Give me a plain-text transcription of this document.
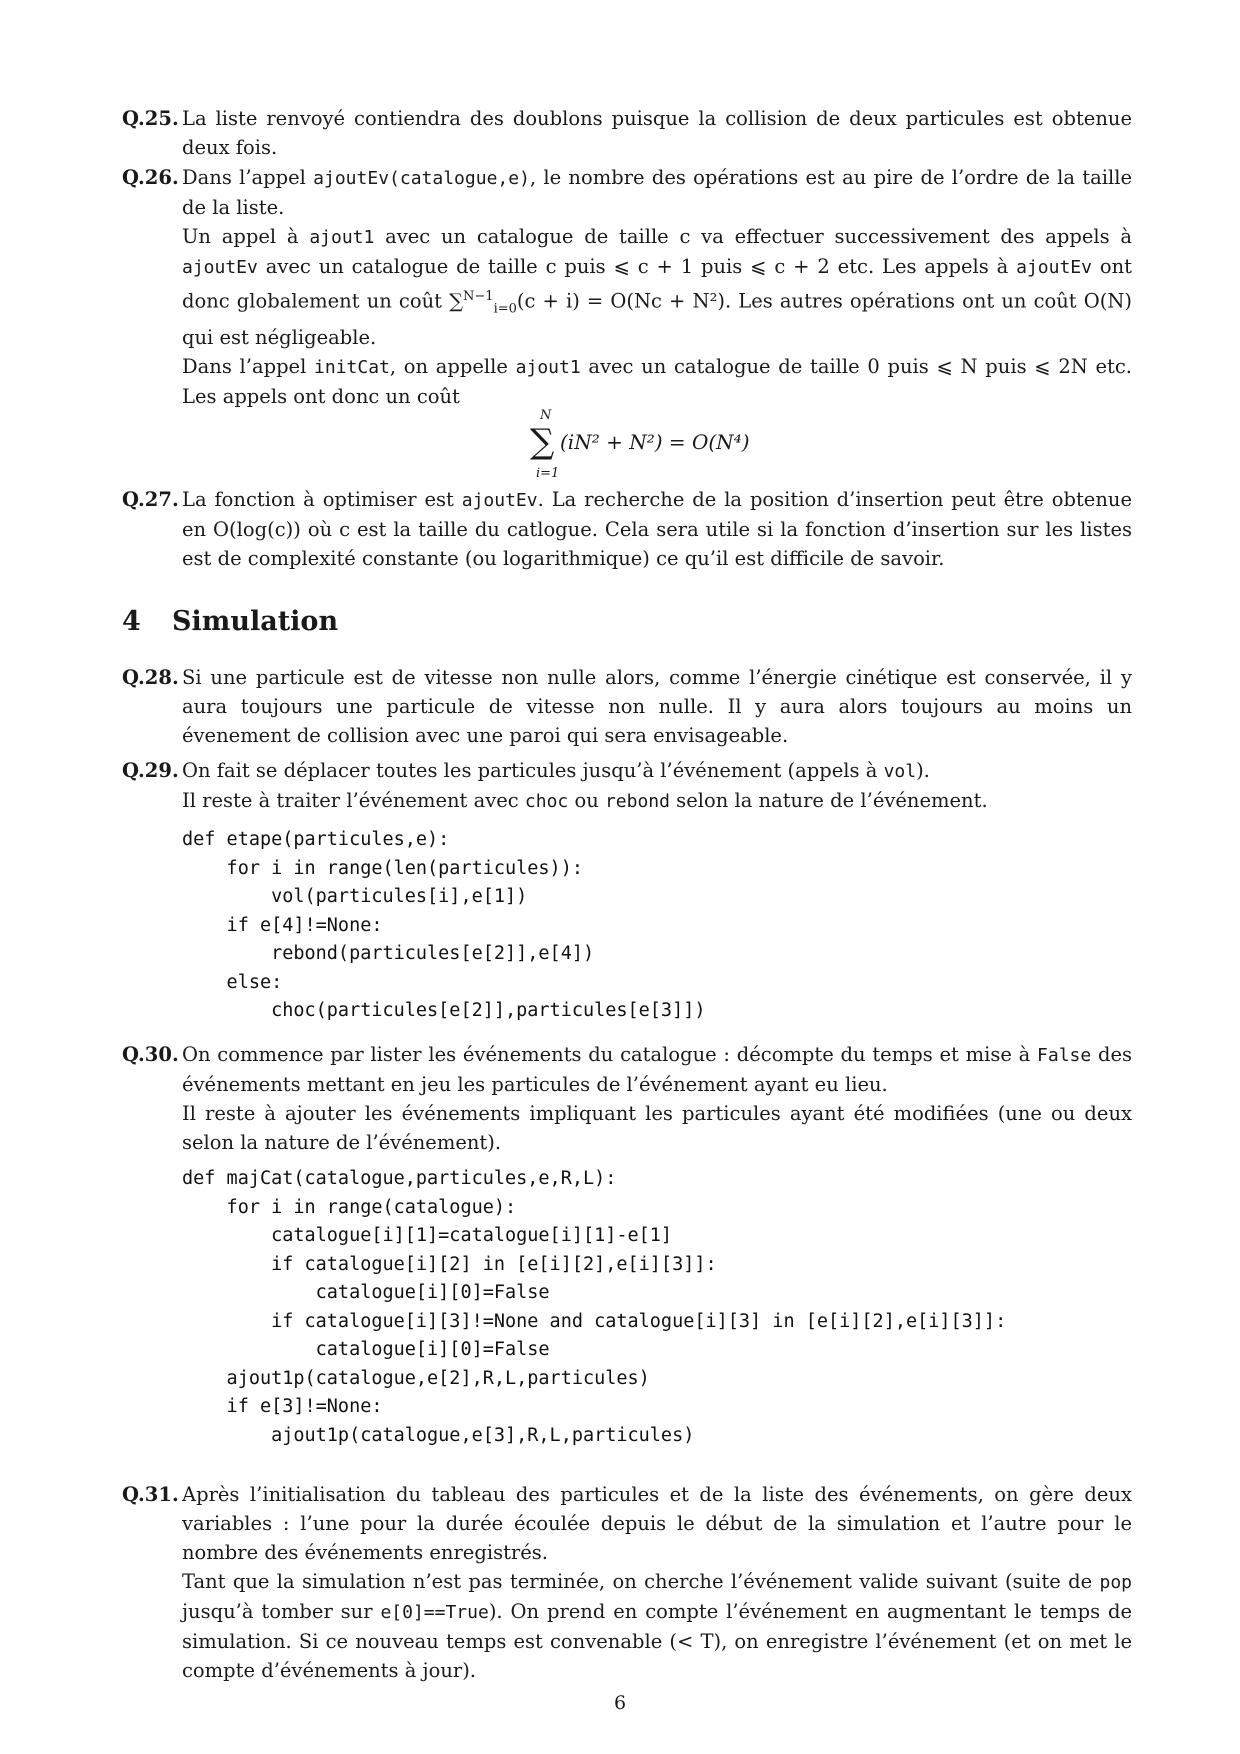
Q.25. La liste renvoyé contiendra des doublons puisque la collision de deux particules est obtenue deux fois.

Q.26. Dans l’appel ajoutEv(catalogue,e), le nombre des opérations est au pire de l’ordre de la taille de la liste.

Un appel à ajout1 avec un catalogue de taille c va effectuer successivement des appels à ajoutEv avec un catalogue de taille c puis ⩽ c + 1 puis ⩽ c + 2 etc. Les appels à ajoutEv ont donc globalement un coût ∑$^{N-1}_{i=0}$(c + i) = O(Nc + N²). Les autres opérations ont un coût O(N) qui est négligeable.

Dans l’appel initCat, on appelle ajout1 avec un catalogue de taille 0 puis ⩽ N puis ⩽ 2N etc. Les appels ont donc un coût

N
∑
i=1
(iN² + N²) = O(N⁴)
Q.27. La fonction à optimiser est ajoutEv. La recherche de la position d’insertion peut être obtenue en O(log(c)) où c est la taille du catlogue. Cela sera utile si la fonction d’insertion sur les listes est de complexité constante (ou logarithmique) ce qu’il est difficile de savoir.

4 Simulation
Q.28. Si une particule est de vitesse non nulle alors, comme l’énergie cinétique est conservée, il y aura toujours une particule de vitesse non nulle. Il y aura alors toujours au moins un évenement de collision avec une paroi qui sera envisageable.

Q.29. On fait se déplacer toutes les particules jusqu’à l’événement (appels à vol).

Il reste à traiter l’événement avec choc ou rebond selon la nature de l’événement.

def etape(particules,e):
for i in range(len(particules)):
vol(particules[i],e[1])
if e[4]!=None:
rebond(particules[e[2]],e[4])
else:
choc(particules[e[2]],particules[e[3]])
Q.30. On commence par lister les événements du catalogue : décompte du temps et mise à False des événements mettant en jeu les particules de l’événement ayant eu lieu.

Il reste à ajouter les événements impliquant les particules ayant été modifiées (une ou deux selon la nature de l’événement).

def majCat(catalogue,particules,e,R,L):
for i in range(catalogue):
catalogue[i][1]=catalogue[i][1]-e[1]
if catalogue[i][2] in [e[i][2],e[i][3]]:
catalogue[i][0]=False
if catalogue[i][3]!=None and catalogue[i][3] in [e[i][2],e[i][3]]:
catalogue[i][0]=False
ajout1p(catalogue,e[2],R,L,particules)
if e[3]!=None:
ajout1p(catalogue,e[3],R,L,particules)
Q.31. Après l’initialisation du tableau des particules et de la liste des événements, on gère deux variables : l’une pour la durée écoulée depuis le début de la simulation et l’autre pour le nombre des événements enregistrés.

Tant que la simulation n’est pas terminée, on cherche l’événement valide suivant (suite de pop jusqu’à tomber sur e[0]==True). On prend en compte l’événement en augmentant le temps de simulation. Si ce nouveau temps est convenable (< T), on enregistre l’événement (et on met le compte d’événements à jour).

6
